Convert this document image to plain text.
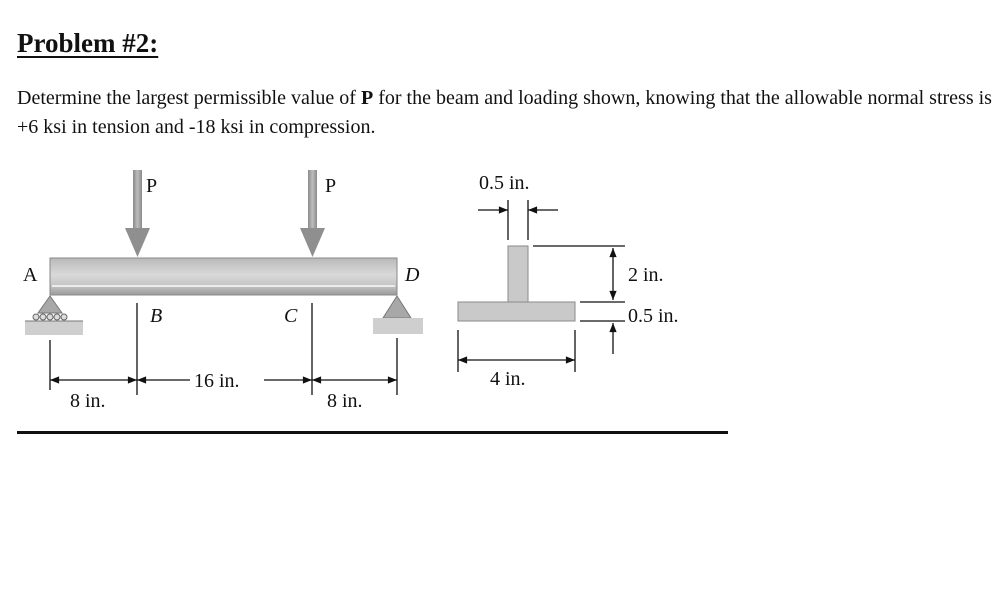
Problem #2:

Determine the largest permissible value of P for the beam and loading shown, knowing that the allowable normal stress is +6 ksi in tension and -18 ksi in compression.

P	P
A
B	C
D
8 in.
16 in.
8 in.
0.5 in.
4 in.
2 in.
0.5 in.
